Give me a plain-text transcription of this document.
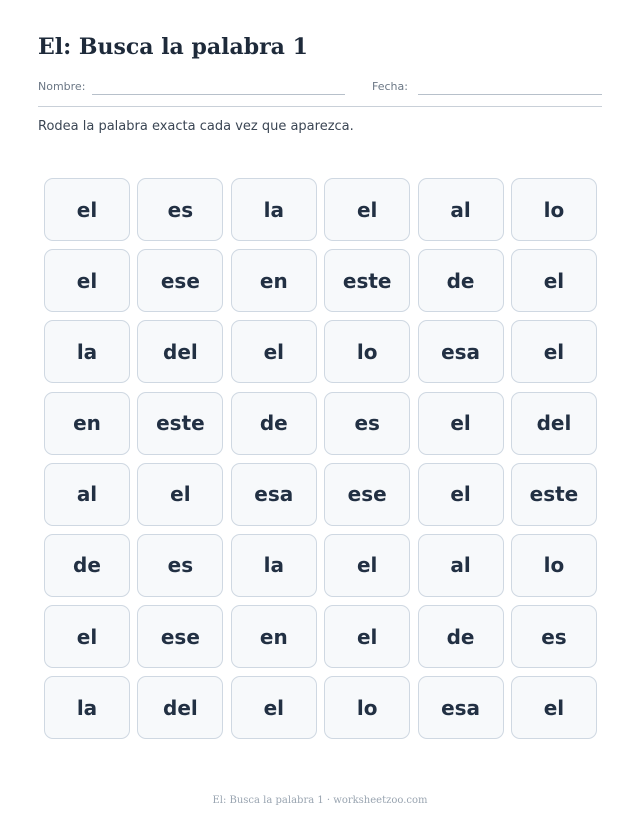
El: Busca la palabra 1
Nombre:	Fecha:
Rodea la palabra exacta cada vez que aparezca.
el	es	la	el	al	lo
el	ese	en	este	de	el
la	del	el	lo	esa	el
en	este	de	es	el	del
al	el	esa	ese	el	este
de	es	la	el	al	lo
el	ese	en	el	de	es
la	del	el	lo	esa	el
El: Busca la palabra 1 · worksheetzoo.com
